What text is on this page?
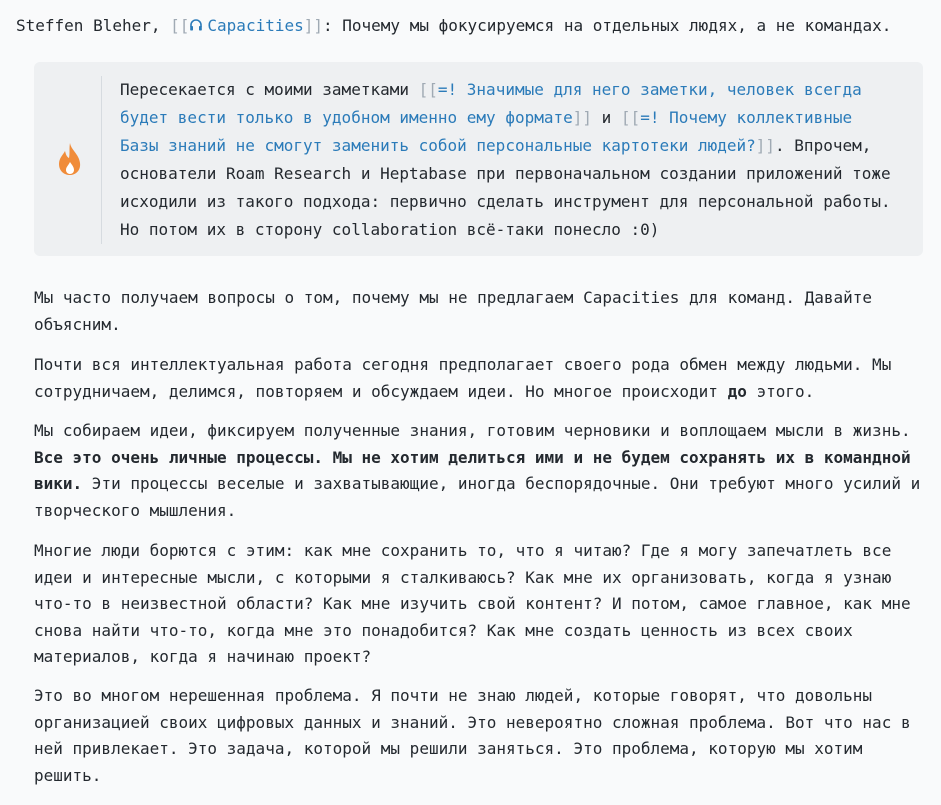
Steffen Bleher, [[ Capacities]]: Почему мы фокусируемся на отдельных людях, а не командах.
Пересекается с моими заметками [[=! Значимые для него заметки, человек всегда будет вести только в удобном именно ему формате]] и [[=! Почему коллективные Базы знаний не смогут заменить собой персональные картотеки людей?]]. Впрочем, основатели Roam Research и Heptabase при первоначальном создании приложений тоже исходили из такого подхода: первично сделать инструмент для персональной работы. Но потом их в сторону collaboration всё-таки понесло :0)

Мы часто получаем вопросы о том, почему мы не предлагаем Capacities для команд. Давайте объясним.

Почти вся интеллектуальная работа сегодня предполагает своего рода обмен между людьми. Мы сотрудничаем, делимся, повторяем и обсуждаем идеи. Но многое происходит до этого.

Мы собираем идеи, фиксируем полученные знания, готовим черновики и воплощаем мысли в жизнь. Все это очень личные процессы. Мы не хотим делиться ими и не будем сохранять их в командной вики. Эти процессы веселые и захватывающие, иногда беспорядочные. Они требуют много усилий и творческого мышления.

Многие люди борются с этим: как мне сохранить то, что я читаю? Где я могу запечатлеть все идеи и интересные мысли, с которыми я сталкиваюсь? Как мне их организовать, когда я узнаю что-то в неизвестной области? Как мне изучить свой контент? И потом, самое главное, как мне снова найти что-то, когда мне это понадобится? Как мне создать ценность из всех своих материалов, когда я начинаю проект?

Это во многом нерешенная проблема. Я почти не знаю людей, которые говорят, что довольны организацией своих цифровых данных и знаний. Это невероятно сложная проблема. Вот что нас в ней привлекает. Это задача, которой мы решили заняться. Это проблема, которую мы хотим решить.
